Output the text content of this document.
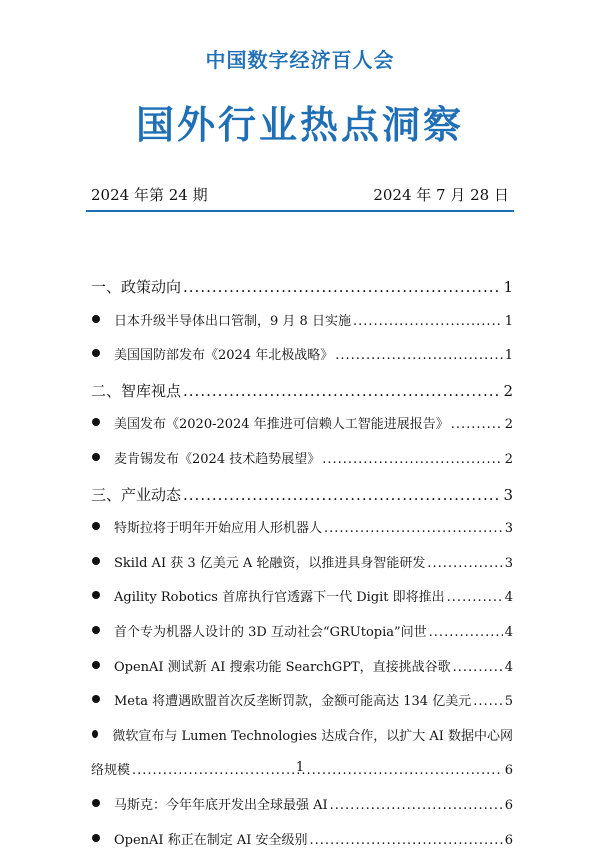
中国数字经济百人会
国外行业热点洞察
2024 年第 24 期	2024 年 7 月 28 日
一、政策动向 .....	1
日本升级半导体出口管制，9 月 8 日实施 .....	1
美国国防部发布《2024 年北极战略》 .....	1
二、智库视点 .....	2
美国发布《2020-2024 年推进可信赖人工智能进展报告》 .....	2
麦肯锡发布《2024 技术趋势展望》 .....	2
三、产业动态 .....	3
特斯拉将于明年开始应用人形机器人 .....	3
Skild AI 获 3 亿美元 A 轮融资，以推进具身智能研发 .....	3
Agility Robotics 首席执行官透露下一代 Digit 即将推出 .....	4
首个专为机器人设计的 3D 互动社会“GRUtopia”问世 .....	4
OpenAI 测试新 AI 搜索功能 SearchGPT，直接挑战谷歌 .....	4
Meta 将遭遇欧盟首次反垄断罚款，金额可能高达 134 亿美元 .....	5
微软宣布与 Lumen Technologies 达成合作，以扩大 AI 数据中心网
络规模 .....	6
马斯克：今年年底开发出全球最强 AI .....	6
OpenAI 称正在制定 AI 安全级别 .....	6
1
